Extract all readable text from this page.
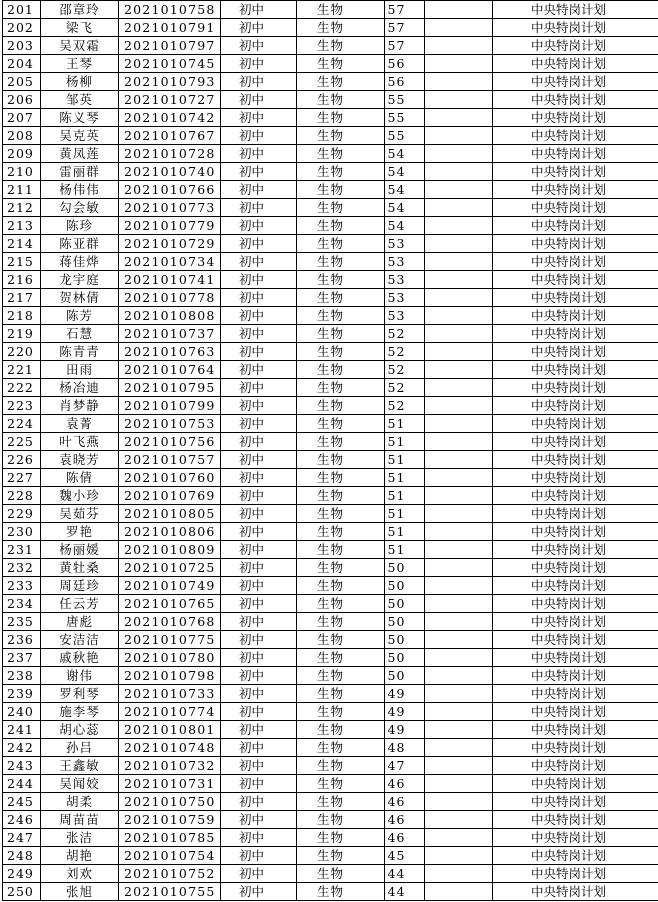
201	邵章玲	2021010758	初中	生物	57		中央特岗计划
202	梁飞	2021010791	初中	生物	57		中央特岗计划
203	吴双霜	2021010797	初中	生物	57		中央特岗计划
204	王琴	2021010745	初中	生物	56		中央特岗计划
205	杨柳	2021010793	初中	生物	56		中央特岗计划
206	邹英	2021010727	初中	生物	55		中央特岗计划
207	陈义琴	2021010742	初中	生物	55		中央特岗计划
208	吴克英	2021010767	初中	生物	55		中央特岗计划
209	黄凤莲	2021010728	初中	生物	54		中央特岗计划
210	雷丽群	2021010740	初中	生物	54		中央特岗计划
211	杨伟伟	2021010766	初中	生物	54		中央特岗计划
212	勾会敏	2021010773	初中	生物	54		中央特岗计划
213	陈珍	2021010779	初中	生物	54		中央特岗计划
214	陈亚群	2021010729	初中	生物	53		中央特岗计划
215	蒋佳烨	2021010734	初中	生物	53		中央特岗计划
216	龙宇庭	2021010741	初中	生物	53		中央特岗计划
217	贺林倩	2021010778	初中	生物	53		中央特岗计划
218	陈芳	2021010808	初中	生物	53		中央特岗计划
219	石慧	2021010737	初中	生物	52		中央特岗计划
220	陈青青	2021010763	初中	生物	52		中央特岗计划
221	田雨	2021010764	初中	生物	52		中央特岗计划
222	杨冶迪	2021010795	初中	生物	52		中央特岗计划
223	肖梦静	2021010799	初中	生物	52		中央特岗计划
224	袁菁	2021010753	初中	生物	51		中央特岗计划
225	叶飞燕	2021010756	初中	生物	51		中央特岗计划
226	袁晓芳	2021010757	初中	生物	51		中央特岗计划
227	陈倩	2021010760	初中	生物	51		中央特岗计划
228	魏小珍	2021010769	初中	生物	51		中央特岗计划
229	吴茹芬	2021010805	初中	生物	51		中央特岗计划
230	罗艳	2021010806	初中	生物	51		中央特岗计划
231	杨丽媛	2021010809	初中	生物	51		中央特岗计划
232	黄牡桑	2021010725	初中	生物	50		中央特岗计划
233	周廷珍	2021010749	初中	生物	50		中央特岗计划
234	任云芳	2021010765	初中	生物	50		中央特岗计划
235	唐彪	2021010768	初中	生物	50		中央特岗计划
236	安洁洁	2021010775	初中	生物	50		中央特岗计划
237	戚秋艳	2021010780	初中	生物	50		中央特岗计划
238	谢伟	2021010798	初中	生物	50		中央特岗计划
239	罗利琴	2021010733	初中	生物	49		中央特岗计划
240	施李琴	2021010774	初中	生物	49		中央特岗计划
241	胡心蕊	2021010801	初中	生物	49		中央特岗计划
242	孙吕	2021010748	初中	生物	48		中央特岗计划
243	王鑫敏	2021010732	初中	生物	47		中央特岗计划
244	吴闻姣	2021010731	初中	生物	46		中央特岗计划
245	胡柔	2021010750	初中	生物	46		中央特岗计划
246	周苗苗	2021010759	初中	生物	46		中央特岗计划
247	张洁	2021010785	初中	生物	46		中央特岗计划
248	胡艳	2021010754	初中	生物	45		中央特岗计划
249	刘欢	2021010752	初中	生物	44		中央特岗计划
250	张旭	2021010755	初中	生物	44		中央特岗计划
